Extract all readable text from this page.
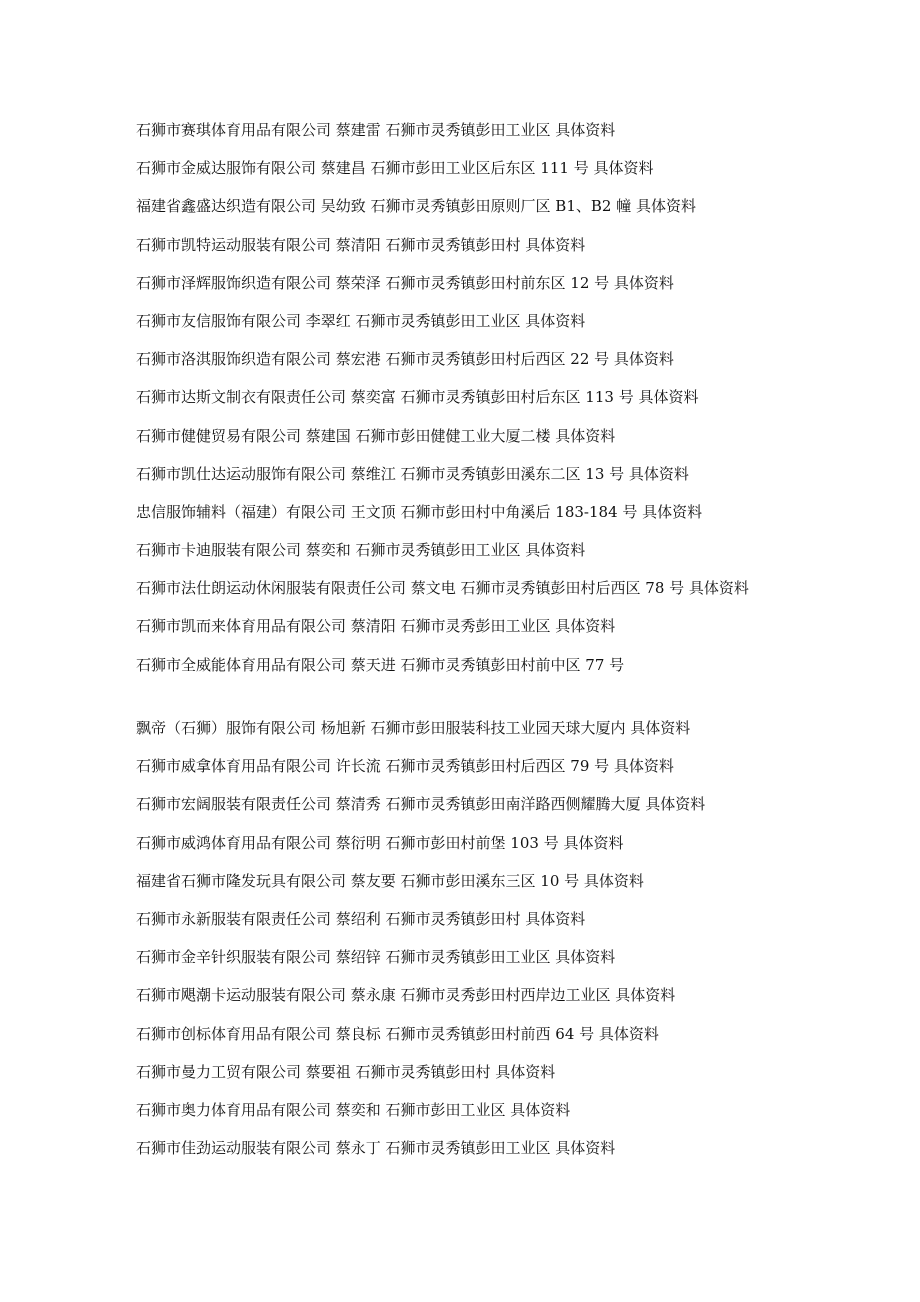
石狮市赛琪体育用品有限公司 蔡建雷 石狮市灵秀镇彭田工业区 具体资料
石狮市金威达服饰有限公司 蔡建昌 石狮市彭田工业区后东区 111 号 具体资料
福建省鑫盛达织造有限公司 吴幼致 石狮市灵秀镇彭田原则厂区 B1、B2 幢 具体资料
石狮市凯特运动服装有限公司 蔡清阳 石狮市灵秀镇彭田村 具体资料
石狮市泽辉服饰织造有限公司 蔡荣泽 石狮市灵秀镇彭田村前东区 12 号 具体资料
石狮市友信服饰有限公司 李翠红 石狮市灵秀镇彭田工业区 具体资料
石狮市洛淇服饰织造有限公司 蔡宏港 石狮市灵秀镇彭田村后西区 22 号 具体资料
石狮市达斯文制衣有限责任公司 蔡奕富 石狮市灵秀镇彭田村后东区 113 号 具体资料
石狮市健健贸易有限公司 蔡建国 石狮市彭田健健工业大厦二楼 具体资料
石狮市凯仕达运动服饰有限公司 蔡维江 石狮市灵秀镇彭田溪东二区 13 号 具体资料
忠信服饰辅料（福建）有限公司 王文顶 石狮市彭田村中角溪后 183-184 号 具体资料
石狮市卡迪服装有限公司 蔡奕和 石狮市灵秀镇彭田工业区 具体资料
石狮市法仕朗运动休闲服装有限责任公司 蔡文电 石狮市灵秀镇彭田村后西区 78 号 具体资料
石狮市凯而来体育用品有限公司 蔡清阳 石狮市灵秀彭田工业区 具体资料
石狮市全威能体育用品有限公司 蔡天进 石狮市灵秀镇彭田村前中区 77 号
飘帝（石狮）服饰有限公司 杨旭新 石狮市彭田服装科技工业园天球大厦内 具体资料
石狮市威拿体育用品有限公司 许长流 石狮市灵秀镇彭田村后西区 79 号 具体资料
石狮市宏阔服装有限责任公司 蔡清秀 石狮市灵秀镇彭田南洋路西侧耀腾大厦 具体资料
石狮市威鸿体育用品有限公司 蔡衍明 石狮市彭田村前堡 103 号 具体资料
福建省石狮市隆发玩具有限公司 蔡友要 石狮市彭田溪东三区 10 号 具体资料
石狮市永新服装有限责任公司 蔡绍利 石狮市灵秀镇彭田村 具体资料
石狮市金辛针织服装有限公司 蔡绍锌 石狮市灵秀镇彭田工业区 具体资料
石狮市飓潮卡运动服装有限公司 蔡永康 石狮市灵秀彭田村西岸边工业区 具体资料
石狮市创标体育用品有限公司 蔡良标 石狮市灵秀镇彭田村前西 64 号 具体资料
石狮市曼力工贸有限公司 蔡要祖 石狮市灵秀镇彭田村 具体资料
石狮市奥力体育用品有限公司 蔡奕和 石狮市彭田工业区 具体资料
石狮市佳劲运动服装有限公司 蔡永丁 石狮市灵秀镇彭田工业区 具体资料
